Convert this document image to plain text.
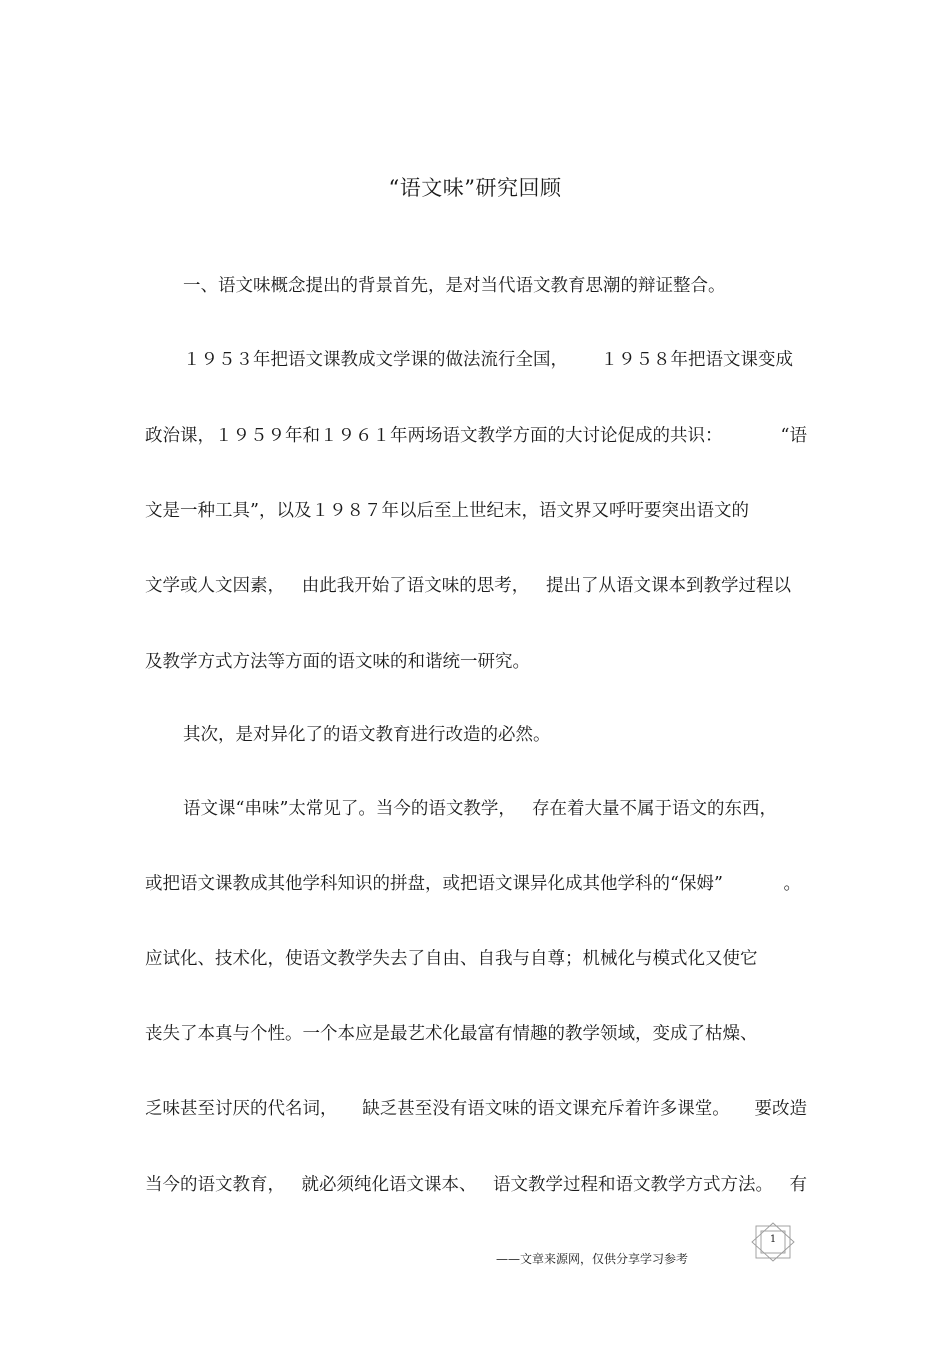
“语文味”研究回顾
一、语文味概念提出的背景首先，是对当代语文教育思潮的辩证整合。
１９５３年把语文课教成文学课的做法流行全国， １９５８年把语文课变成
政治课，１９５９年和１９６１年两场语文教学方面的大讨论促成的共识：	“语
文是一种工具”，以及１９８７年以后至上世纪末，语文界又呼吁要突出语文的
文学或人文因素， 由此我开始了语文味的思考， 提出了从语文课本到教学过程以
及教学方式方法等方面的语文味的和谐统一研究。
其次，是对异化了的语文教育进行改造的必然。
语文课“串味”太常见了。当今的语文教学， 存在着大量不属于语文的东西，
或把语文课教成其他学科知识的拼盘，或把语文课异化成其他学科的“保姆”	。
应试化、技术化，使语文教学失去了自由、自我与自尊；机械化与模式化又使它
丧失了本真与个性。一个本应是最艺术化最富有情趣的教学领域，变成了枯燥、
乏味甚至讨厌的代名词， 缺乏甚至没有语文味的语文课充斥着许多课堂。 要改造
当今的语文教育， 就必须纯化语文课本、 语文教学过程和语文教学方式方法。 有
——文章来源网，仅供分享学习参考
1
